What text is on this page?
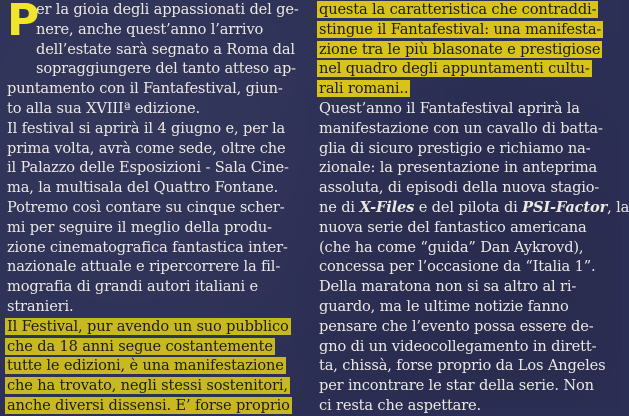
P
er la gioia degli appassionati del ge-
nere, anche quest’anno l’arrivo
dell’estate sarà segnato a Roma dal
sopraggiungere del tanto atteso ap-
puntamento con il Fantafestival, giun-
to alla sua XVIIIª edizione.
Il festival si aprirà il 4 giugno e, per la
prima volta, avrà come sede, oltre che
il Palazzo delle Esposizioni - Sala Cine-
ma, la multisala del Quattro Fontane.
Potremo così contare su cinque scher-
mi per seguire il meglio della produ-
zione cinematografica fantastica inter-
nazionale attuale e ripercorrere la fil-
mografia di grandi autori italiani e
stranieri.
Il Festival, pur avendo un suo pubblico
che da 18 anni segue costantemente
tutte le edizioni, è una manifestazione
che ha trovato, negli stessi sostenitori,
anche diversi dissensi. E’ forse proprio
questa la caratteristica che contraddi-
stingue il Fantafestival: una manifesta-
zione tra le più blasonate e prestigiose
nel quadro degli appuntamenti cultu-
rali romani..
Quest’anno il Fantafestival aprirà la
manifestazione con un cavallo di batta-
glia di sicuro prestigio e richiamo na-
zionale: la presentazione in anteprima
assoluta, di episodi della nuova stagio-
ne di X-Files e del pilota di PSI-Factor, la
nuova serie del fantastico americana
(che ha come “guida” Dan Aykrovd),
concessa per l’occasione da “Italia 1”.
Della maratona non si sa altro al ri-
guardo, ma le ultime notizie fanno
pensare che l’evento possa essere de-
gno di un videocollegamento in dirett-
ta, chissà, forse proprio da Los Angeles
per incontrare le star della serie. Non
ci resta che aspettare.
